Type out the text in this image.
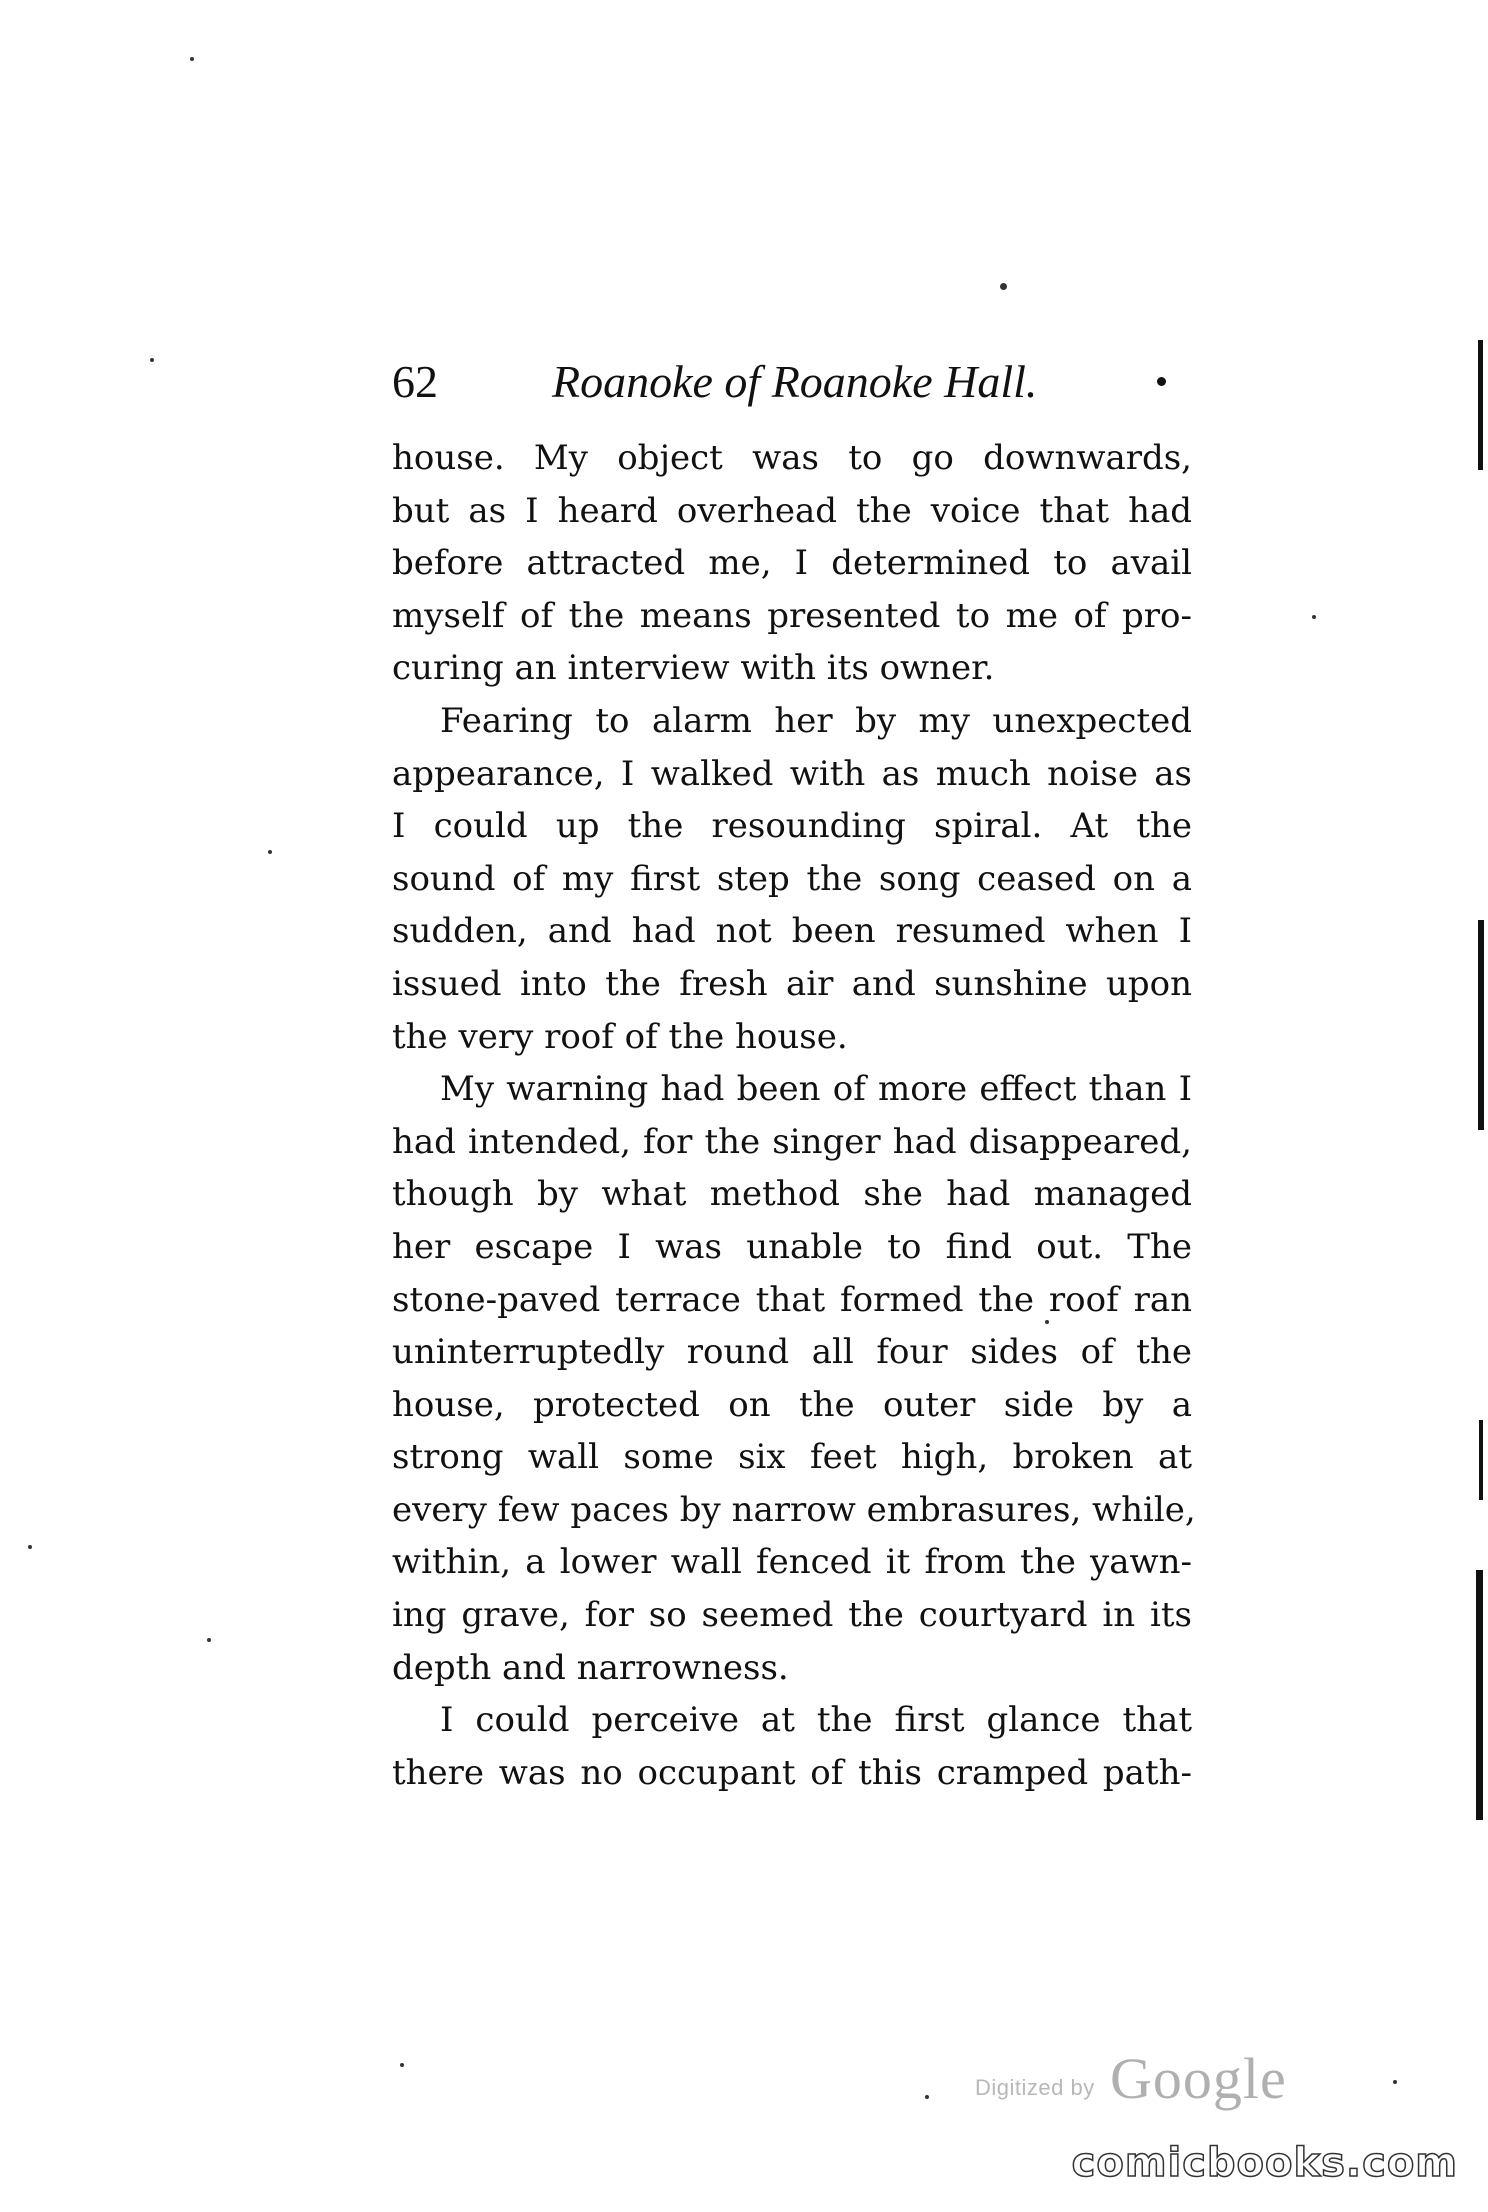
62 Roanoke of Roanoke Hall.
house. My object was to go downwards,
but as I heard overhead the voice that had
before attracted me, I determined to avail
myself of the means presented to me of pro-
curing an interview with its owner.
Fearing to alarm her by my unexpected
appearance, I walked with as much noise as
I could up the resounding spiral. At the
sound of my first step the song ceased on a
sudden, and had not been resumed when I
issued into the fresh air and sunshine upon
the very roof of the house.
My warning had been of more effect than I
had intended, for the singer had disappeared,
though by what method she had managed
her escape I was unable to find out. The
stone-paved terrace that formed the roof ran
uninterruptedly round all four sides of the
house, protected on the outer side by a
strong wall some six feet high, broken at
every few paces by narrow embrasures, while,
within, a lower wall fenced it from the yawn-
ing grave, for so seemed the courtyard in its
depth and narrowness.
I could perceive at the first glance that
there was no occupant of this cramped path-
Digitized by Google
comicbooks.com
